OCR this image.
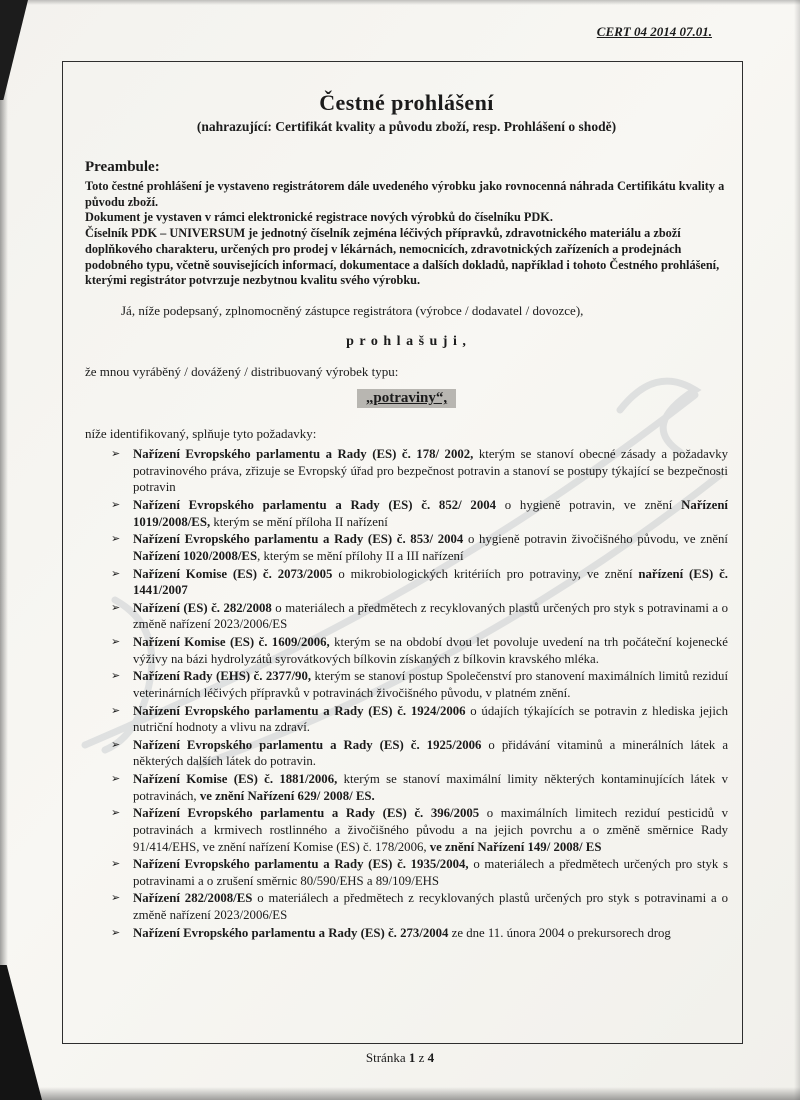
CERT 04 2014 07.01.
Čestné prohlášení
(nahrazující: Certifikát kvality a původu zboží, resp. Prohlášení o shodě)
Preambule:

Toto čestné prohlášení je vystaveno registrátorem dále uvedeného výrobku jako rovnocenná náhrada Certifikátu kvality a původu zboží.

Dokument je vystaven v rámci elektronické registrace nových výrobků do číselníku PDK.

Číselník PDK – UNIVERSUM je jednotný číselník zejména léčivých přípravků, zdravotnického materiálu a zboží doplňkového charakteru, určených pro prodej v lékárnách, nemocnicích, zdravotnických zařízeních a prodejnách podobného typu, včetně souvisejících informací, dokumentace a dalších dokladů, například i tohoto Čestného prohlášení, kterými registrátor potvrzuje nezbytnou kvalitu svého výrobku.

Já, níže podepsaný, zplnomocněný zástupce registrátora (výrobce / dodavatel / dovozce),

p r o h l a š u j i ,

že mnou vyráběný / dovážený / distribuovaný výrobek typu:

„potraviny“,

níže identifikovaný, splňuje tyto požadavky:

➢ Nařízení Evropského parlamentu a Rady (ES) č. 178/ 2002, kterým se stanoví obecné zásady a požadavky potravinového práva, zřizuje se Evropský úřad pro bezpečnost potravin a stanoví se postupy týkající se bezpečnosti potravin
➢ Nařízení Evropského parlamentu a Rady (ES) č. 852/ 2004 o hygieně potravin, ve znění Nařízení 1019/2008/ES, kterým se mění příloha II nařízení
➢ Nařízení Evropského parlamentu a Rady (ES) č. 853/ 2004 o hygieně potravin živočišného původu, ve znění Nařízení 1020/2008/ES, kterým se mění přílohy II a III nařízení
➢ Nařízení Komise (ES) č. 2073/2005 o mikrobiologických kritériích pro potraviny, ve znění nařízení (ES) č. 1441/2007
➢ Nařízení (ES) č. 282/2008 o materiálech a předmětech z recyklovaných plastů určených pro styk s potravinami a o změně nařízení 2023/2006/ES
➢ Nařízení Komise (ES) č. 1609/2006, kterým se na období dvou let povoluje uvedení na trh počáteční kojenecké výživy na bázi hydrolyzátů syrovátkových bílkovin získaných z bílkovin kravského mléka.
➢ Nařízení Rady (EHS) č. 2377/90, kterým se stanoví postup Společenství pro stanovení maximálních limitů reziduí veterinárních léčivých přípravků v potravinách živočišného původu, v platném znění.
➢ Nařízení Evropského parlamentu a Rady (ES) č. 1924/2006 o údajích týkajících se potravin z hlediska jejich nutriční hodnoty a vlivu na zdraví.
➢ Nařízení Evropského parlamentu a Rady (ES) č. 1925/2006 o přidávání vitaminů a minerálních látek a některých dalších látek do potravin.
➢ Nařízení Komise (ES) č. 1881/2006, kterým se stanoví maximální limity některých kontaminujících látek v potravinách, ve znění Nařízení 629/ 2008/ ES.
➢ Nařízení Evropského parlamentu a Rady (ES) č. 396/2005 o maximálních limitech reziduí pesticidů v potravinách a krmivech rostlinného a živočišného původu a na jejich povrchu a o změně směrnice Rady 91/414/EHS, ve znění nařízení Komise (ES) č. 178/2006, ve znění Nařízení 149/ 2008/ ES
➢ Nařízení Evropského parlamentu a Rady (ES) č. 1935/2004, o materiálech a předmětech určených pro styk s potravinami a o zrušení směrnic 80/590/EHS a 89/109/EHS
➢ Nařízení 282/2008/ES o materiálech a předmětech z recyklovaných plastů určených pro styk s potravinami a o změně nařízení 2023/2006/ES
➢ Nařízení Evropského parlamentu a Rady (ES) č. 273/2004 ze dne 11. února 2004 o prekursorech drog
Stránka 1 z 4
